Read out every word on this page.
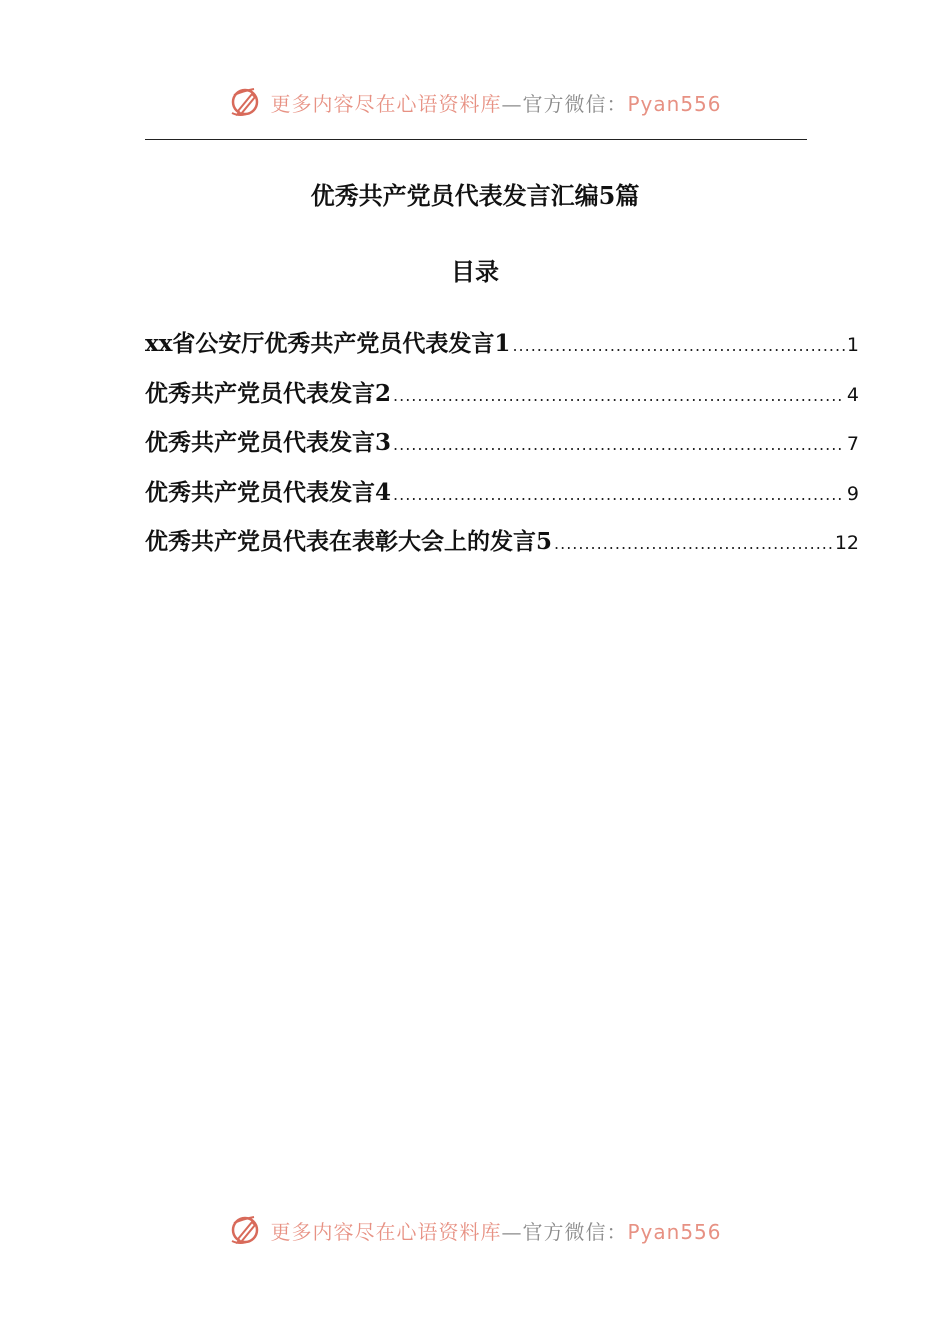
更多内容尽在心语资料库—官方微信：Pyan556
优秀共产党员代表发言汇编5篇
目录
xx省公安厅优秀共产党员代表发言1 .....	1
优秀共产党员代表发言2 .....	4
优秀共产党员代表发言3 .....	7
优秀共产党员代表发言4 .....	9
优秀共产党员代表在表彰大会上的发言5 .....	12
更多内容尽在心语资料库—官方微信：Pyan556
